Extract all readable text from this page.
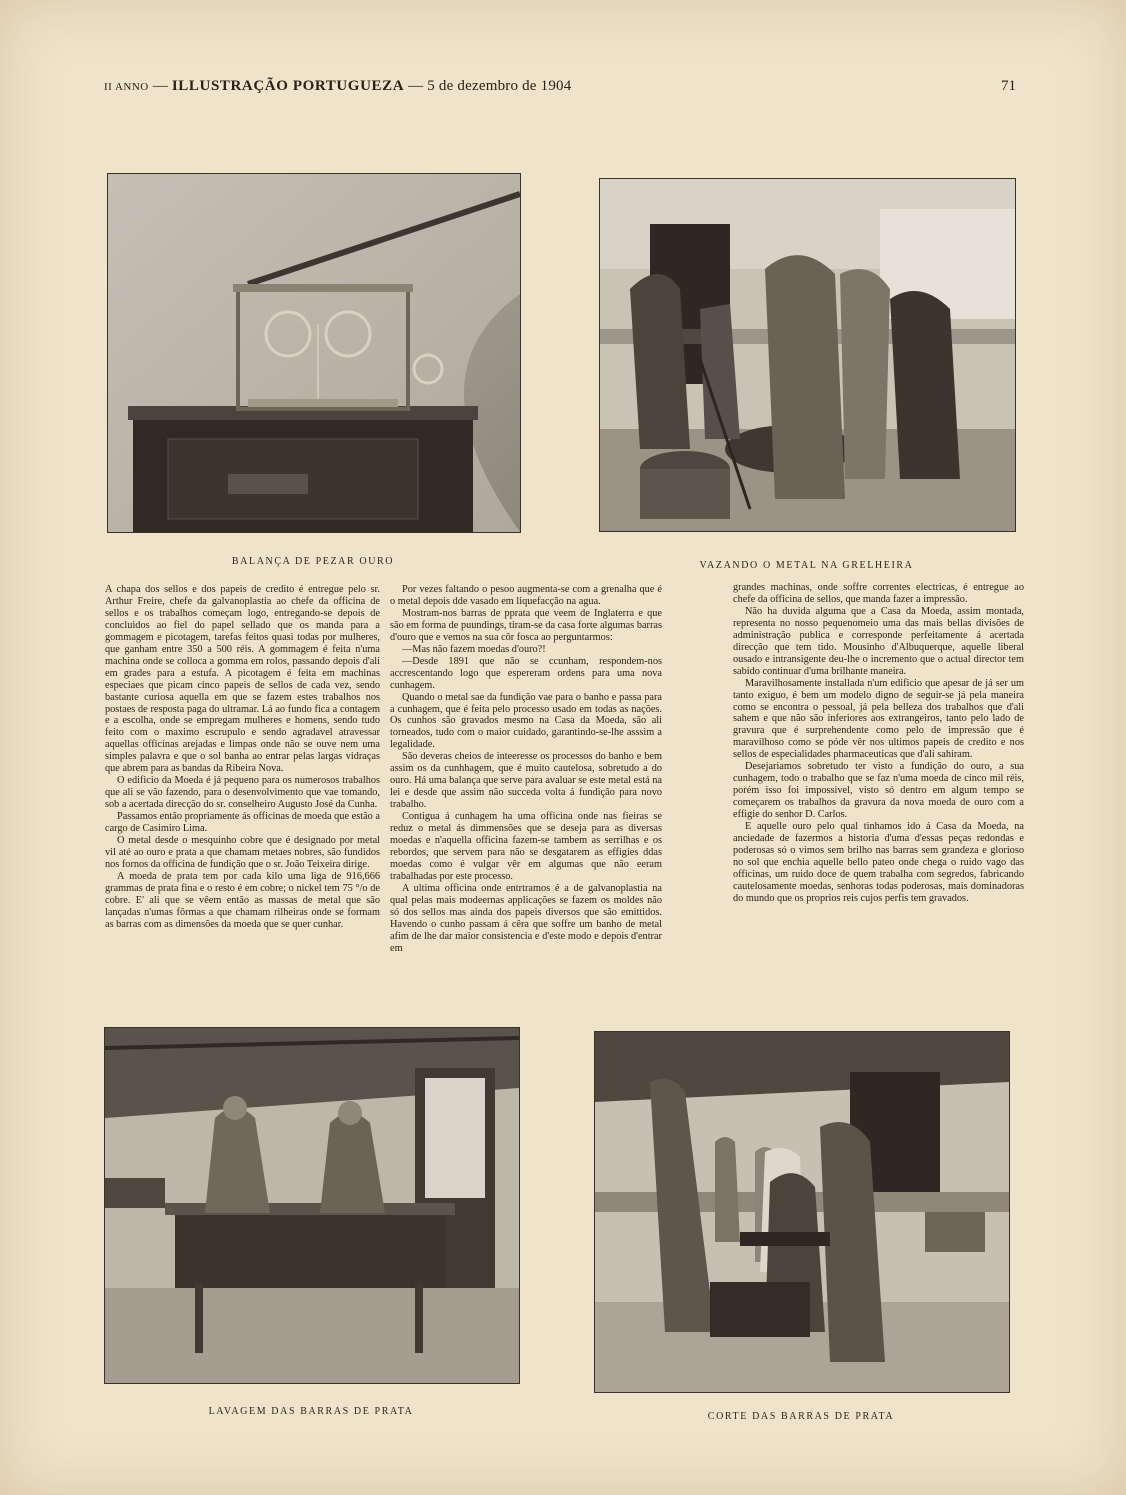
II ANNO — ILLUSTRAÇÃO PORTUGUEZA — 5 de dezembro de 1904	71
BALANÇA DE PEZAR OURO	VAZANDO O METAL NA GRELHEIRA

A chapa dos sellos e dos papeis de credito é entregue pelo sr. Arthur Freire, chefe da galvanoplastia ao chefe da officina de sellos e os trabalhos começam logo, entregando-se depois de concluidos ao fiel do papel sellado que os manda para a gommagem e picotagem, tarefas feitos quasi todas por mulheres, que ganham entre 350 a 500 réis. A gommagem é feita n'uma machina onde se colloca a gomma em rolos, passando depois d'ali em grades para a estufa. A picotagem é feita em machinas especiaes que picam cinco papeis de sellos de cada vez, sendo bastante curiosa aquella em que se fazem estes trabalhos nos postaes de resposta paga do ultramar. Lá ao fundo fica a contagem e a escolha, onde se empregam mulheres e homens, sendo tudo feito com o maximo escrupulo e sendo agradavel atravessar aquellas officinas arejadas e limpas onde não se ouve nem uma simples palavra e que o sol banha ao entrar pelas largas vidraças que abrem para as bandas da Ribeira Nova.

O edificio da Moeda é já pequeno para os numerosos trabalhos que ali se vão fazendo, para o desenvolvimento que vae tomando, sob a acertada direcção do sr. conselheiro Augusto José da Cunha.

Passamos então propriamente ás officinas de moeda que estão a cargo de Casimiro Lima.

O metal desde o mesquinho cobre que é designado por metal vil até ao ouro e prata a que chamam metaes nobres, são fundidos nos fornos da officina de fundição que o sr. João Teixeira dirige.

A moeda de prata tem por cada kilo uma liga de 916,666 grammas de prata fina e o resto é em cobre; o nickel tem 75 °/o de cobre. E' ali que se vêem então as massas de metal que são lançadas n'umas fôrmas a que chamam rilheiras onde se formam as barras com as dimensões da moeda que se quer cunhar.

Por vezes faltando o pesoo augmenta-se com a grenalha que é o metal depois dde vasado em liquefacção na agua.

Mostram-nos barras de pprata que veem de Inglaterra e que são em forma de puundings, tiram-se da casa forte algumas barras d'ouro que e vemos na sua côr fosca ao perguntarmos:

—Mas não fazem moedas d'ouro?!

—Desde 1891 que não se ccunham, respondem-nos accrescentando logo que espereram ordens para uma nova cunhagem.

Quando o metal sae da fundição vae para o banho e passa para a cunhagem, que é feita pelo processo usado em todas as nações. Os cunhos são gravados mesmo na Casa da Moeda, são ali torneados, tudo com o maior cuidado, garantindo-se-lhe asssim a legalidade.

São deveras cheios de inteeresse os processos do banho e bem assim os da cunhhagem, que é muito cautelosa, sobretudo a do ouro. Há uma balança que serve para avaluar se este metal está na lei e desde que assim não succeda volta á fundição para novo trabalho.

Contigua á cunhagem ha uma officina onde nas fieiras se reduz o metal ás dimmensões que se deseja para as diversas moedas e n'aquella officina fazem-se tambem as serrilhas e os rebordos, que servem para não se desgatarem as effigies ddas moedas como é vulgar vêr em algumas que não eeram trabalhadas por este processo.

A ultima officina onde entrtramos é a de galvanoplastia na qual pelas mais modeernas applicações se fazem os moldes não só dos sellos mas ainda dos papeis diversos que são emittidos. Havendo o cunho passam á cêra que soffre um banho de metal afim de lhe dar maior consistencia e d'este modo e depois d'entrar em

grandes machinas, onde soffre correntes electricas, é entregue ao chefe da officina de sellos, que manda fazer a impressão.

Não ha duvida alguma que a Casa da Moeda, assim montada, representa no nosso pequenomeio uma das mais bellas divisões de administração publica e corresponde perfeitamente á acertada direcção que tem tido. Mousinho d'Albuquerque, aquelle liberal ousado e intransigente deu-lhe o incremento que o actual director tem sabido continuar d'uma brilhante maneira.

Maravilhosamente installada n'um edificio que apesar de já ser um tanto exiguo, é bem um modelo digno de seguir-se já pela maneira como se encontra o pessoal, já pela belleza dos trabalhos que d'ali sahem e que não são inferiores aos extrangeiros, tanto pelo lado de gravura que é surprehendente como pelo de impressão que é maravilhoso como se póde vêr nos ultimos papeis de credito e nos sellos de especialidades pharmaceuticas que d'ali sahiram.

Desejariamos sobretudo ter visto a fundição do ouro, a sua cunhagem, todo o trabalho que se faz n'uma moeda de cinco mil réis, porém isso foi impossivel, visto só dentro em algum tempo se começarem os trabalhos da gravura da nova moeda de ouro com a effigie do senhor D. Carlos.

E aquelle ouro pelo qual tinhamos ido á Casa da Moeda, na anciedade de fazermos a historia d'uma d'essas peças redondas e poderosas só o vimos sem brilho nas barras sem grandeza e glorioso no sol que enchia aquelle bello pateo onde chega o ruido vago das officinas, um ruido doce de quem trabalha com segredos, fabricando cautelosamente moedas, senhoras todas poderosas, mais dominadoras do mundo que os proprios reis cujos perfis tem gravados.

LAVAGEM DAS BARRAS DE PRATA	CORTE DAS BARRAS DE PRATA
